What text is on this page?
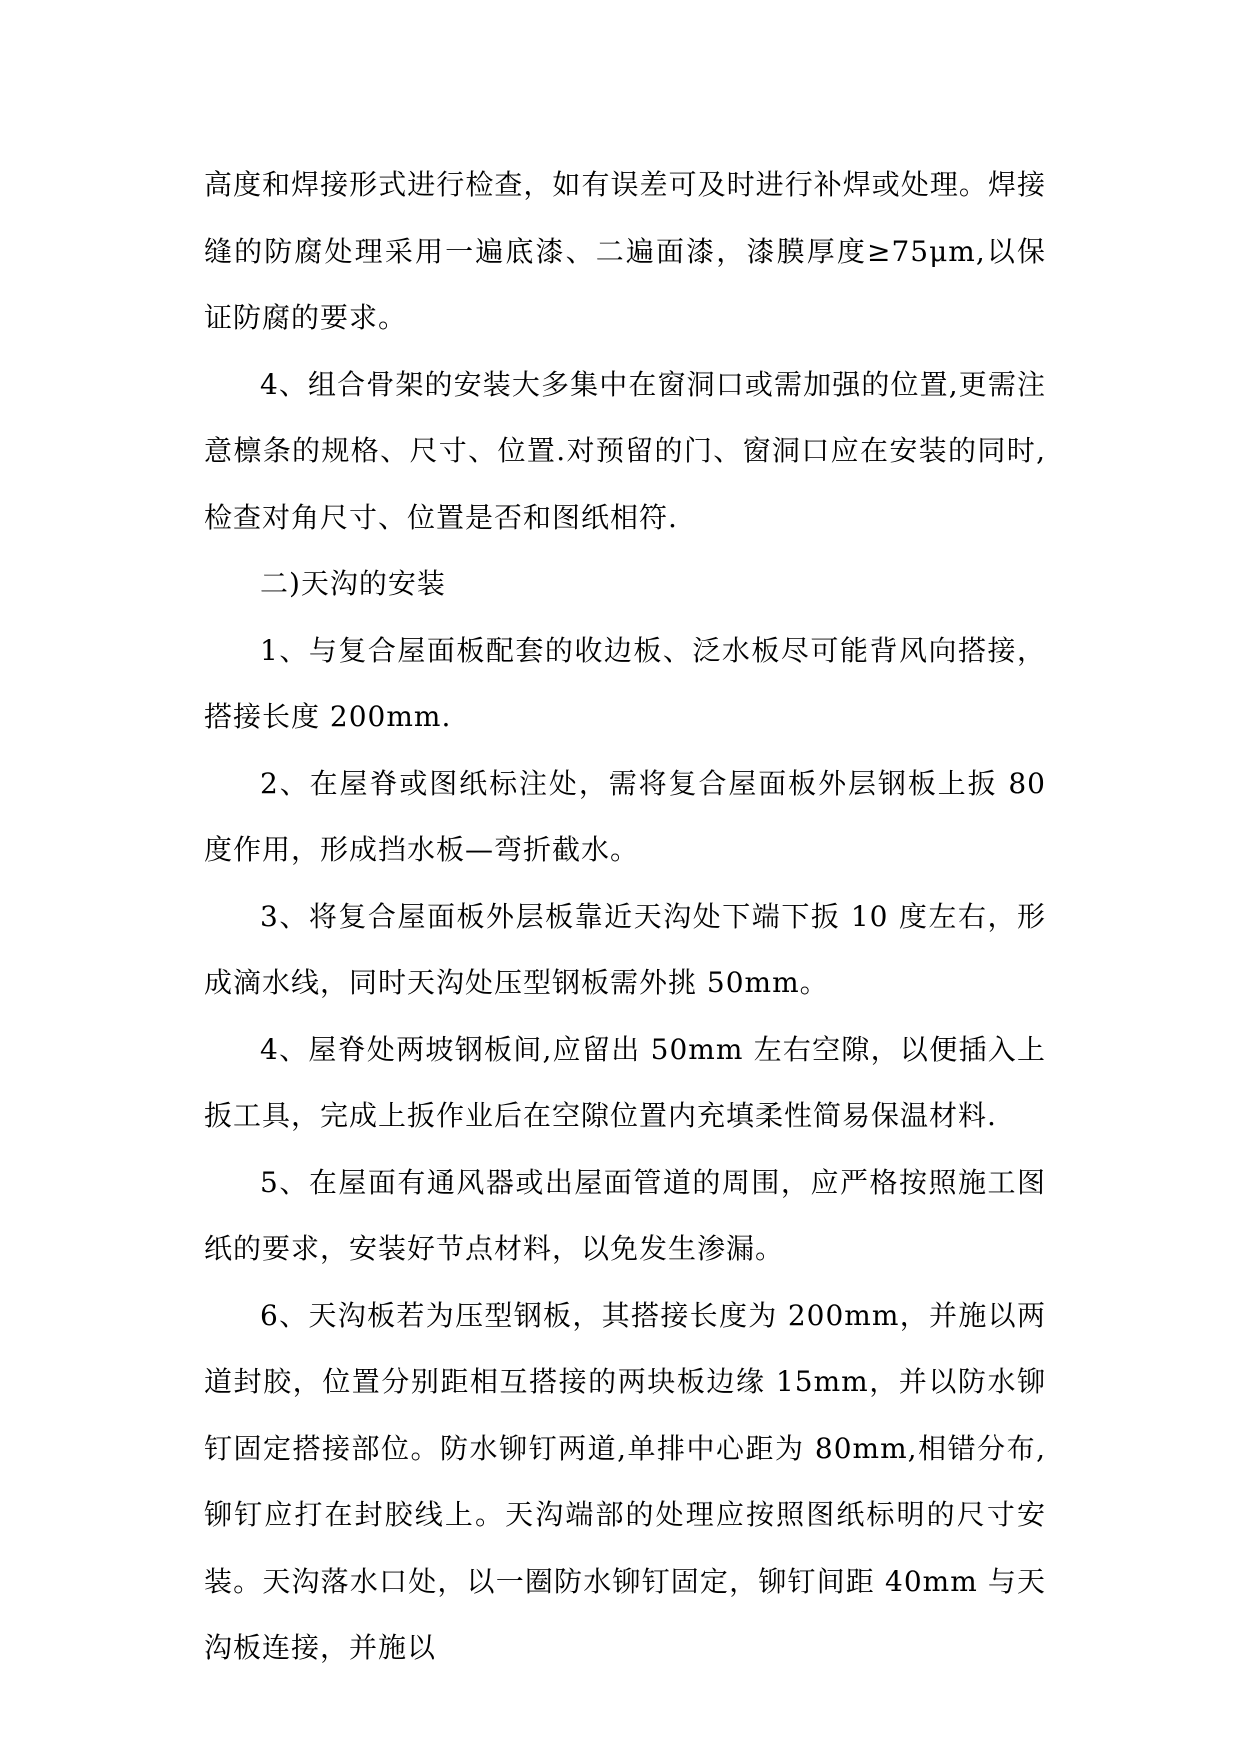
高度和焊接形式进行检查，如有误差可及时进行补焊或处理。焊接缝的防腐处理采用一遍底漆、二遍面漆，漆膜厚度≥75μm,以保证防腐的要求。

4、组合骨架的安装大多集中在窗洞口或需加强的位置,更需注意檩条的规格、尺寸、位置.对预留的门、窗洞口应在安装的同时,检查对角尺寸、位置是否和图纸相符.

二)天沟的安装

1、与复合屋面板配套的收边板、泛水板尽可能背风向搭接，搭接长度 200mm.

2、在屋脊或图纸标注处，需将复合屋面板外层钢板上扳 80 度作用，形成挡水板—弯折截水。

3、将复合屋面板外层板靠近天沟处下端下扳 10 度左右，形成滴水线，同时天沟处压型钢板需外挑 50mm。

4、屋脊处两坡钢板间,应留出 50mm 左右空隙，以便插入上扳工具，完成上扳作业后在空隙位置内充填柔性简易保温材料.

5、在屋面有通风器或出屋面管道的周围，应严格按照施工图纸的要求，安装好节点材料，以免发生渗漏。

6、天沟板若为压型钢板，其搭接长度为 200mm，并施以两道封胶，位置分别距相互搭接的两块板边缘 15mm，并以防水铆钉固定搭接部位。防水铆钉两道,单排中心距为 80mm,相错分布,铆钉应打在封胶线上。天沟端部的处理应按照图纸标明的尺寸安装。天沟落水口处，以一圈防水铆钉固定，铆钉间距 40mm 与天沟板连接，并施以
